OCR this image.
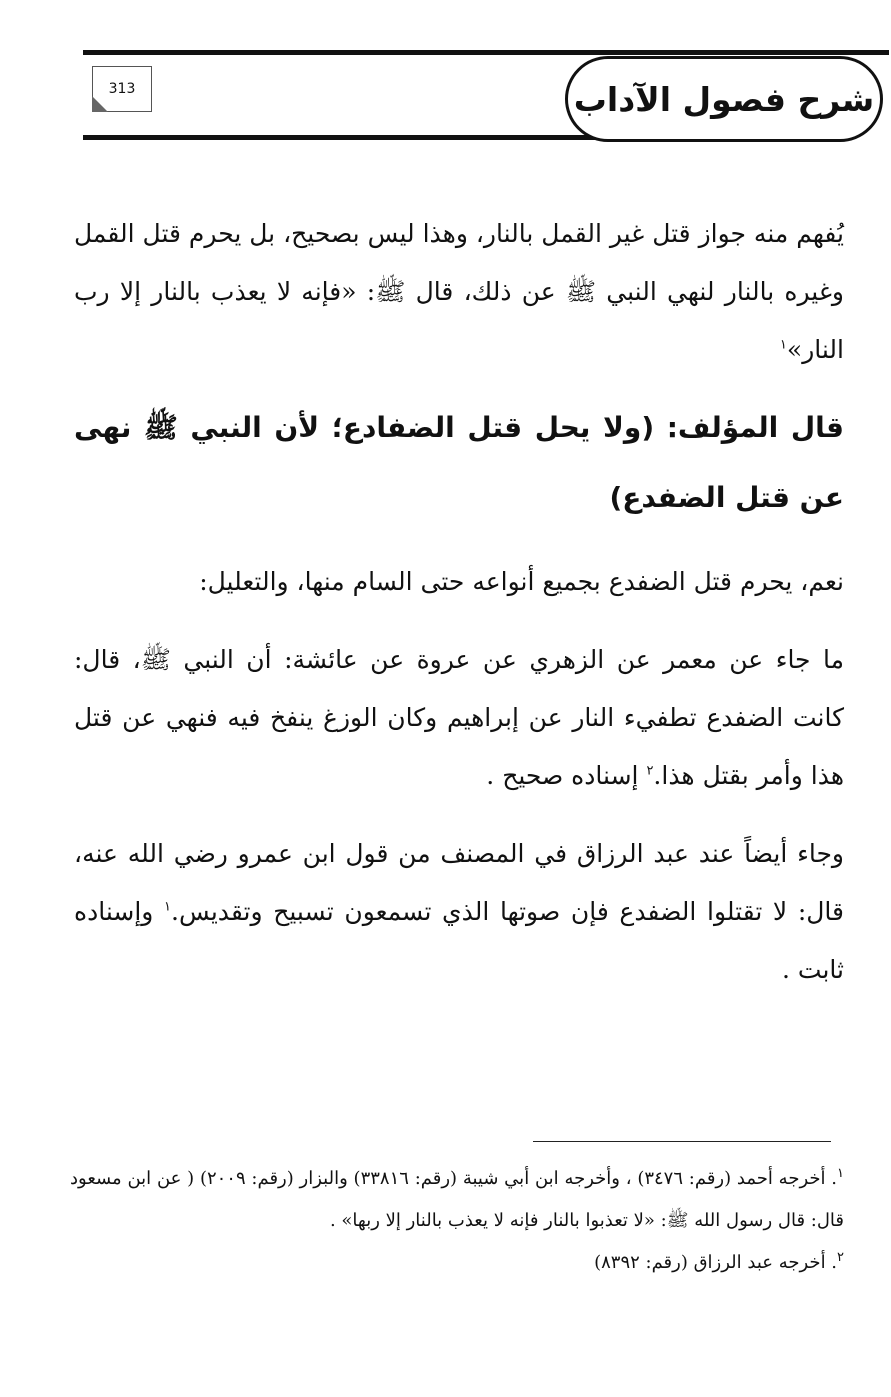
شرح فصول الآداب
313

يُفهم منه جواز قتل غير القمل بالنار، وهذا ليس بصحيح، بل يحرم قتل القمل وغيره بالنار لنهي النبي ﷺ عن ذلك، قال ﷺ: «فإنه لا يعذب بالنار إلا رب النار»$^١$

قال المؤلف: (ولا يحل قتل الضفادع؛ لأن النبي ﷺ نهى عن قتل الضفدع)

نعم، يحرم قتل الضفدع بجميع أنواعه حتى السام منها، والتعليل:

ما جاء عن معمر عن الزهري عن عروة عن عائشة: أن النبي ﷺ، قال: كانت الضفدع تطفيء النار عن إبراهيم وكان الوزغ ينفخ فيه فنهي عن قتل هذا وأمر بقتل هذا.$^٢$ إسناده صحيح .

وجاء أيضاً عند عبد الرزاق في المصنف من قول ابن عمرو رضي الله عنه، قال: لا تقتلوا الضفدع فإن صوتها الذي تسمعون تسبيح وتقديس.$^١$ وإسناده ثابت .

$^١$. أخرجه أحمد (رقم: ٣٤٧٦) ، وأخرجه ابن أبي شيبة (رقم: ٣٣٨١٦) والبزار (رقم: ٢٠٠٩) ( عن ابن مسعود قال: قال رسول الله ﷺ: «لا تعذبوا بالنار فإنه لا يعذب بالنار إلا ربها» .

$^٢$. أخرجه عبد الرزاق (رقم: ٨٣٩٢)
